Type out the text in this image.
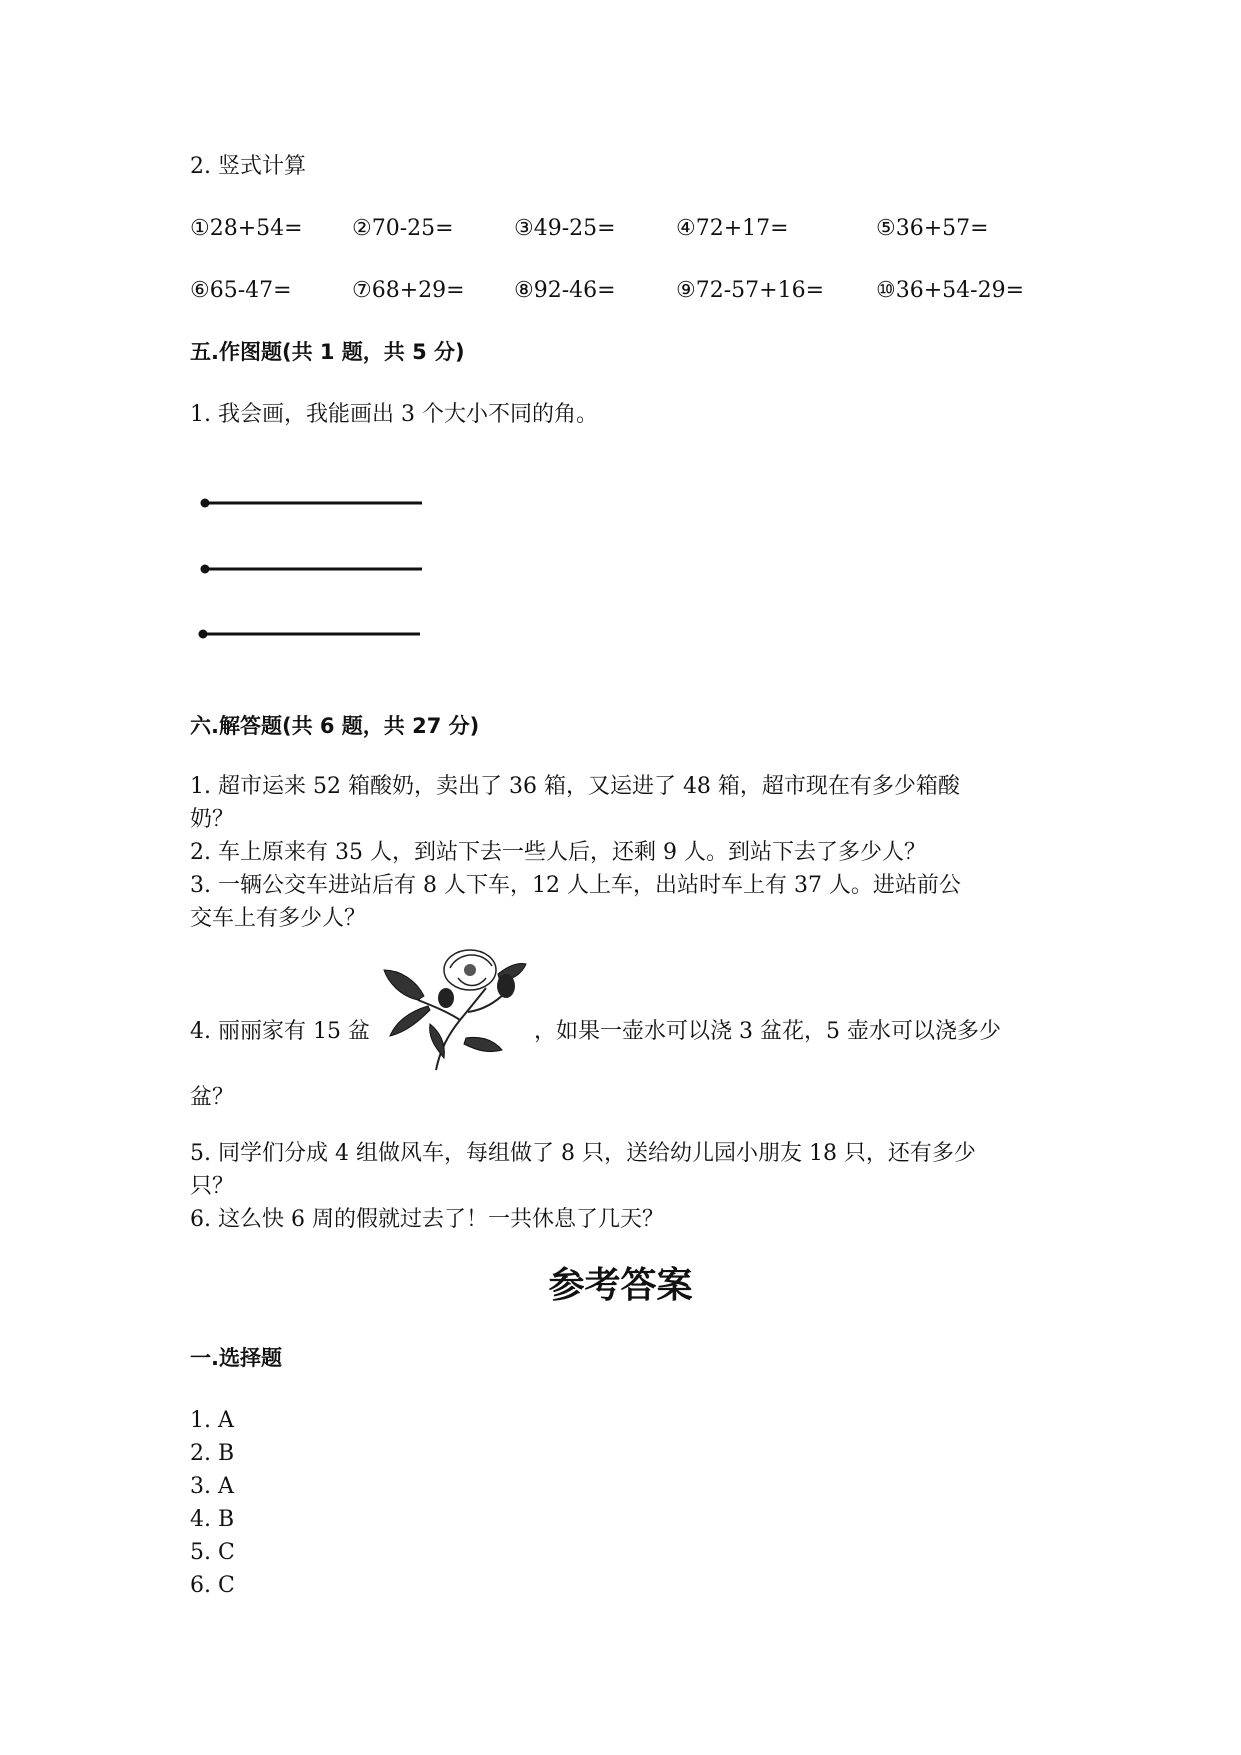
2. 竖式计算
①28+54= ②70-25=	③49-25=	④72+17=	⑤36+57=
⑥65-47=	⑦68+29= ⑧92-46=	⑨72-57+16= ⑩36+54-29=
五.作图题(共 1 题，共 5 分)
1. 我会画，我能画出 3 个大小不同的角。
六.解答题(共 6 题，共 27 分)
1. 超市运来 52 箱酸奶，卖出了 36 箱，又运进了 48 箱，超市现在有多少箱酸
奶？
2. 车上原来有 35 人，到站下去一些人后，还剩 9 人。到站下去了多少人？
3. 一辆公交车进站后有 8 人下车，12 人上车，出站时车上有 37 人。进站前公
交车上有多少人？
4. 丽丽家有 15 盆	，如果一壶水可以浇 3 盆花，5 壶水可以浇多少
盆？
5. 同学们分成 4 组做风车，每组做了 8 只，送给幼儿园小朋友 18 只，还有多少
只？
6. 这么快 6 周的假就过去了！一共休息了几天？
参考答案
一.选择题
1. A
2. B
3. A
4. B
5. C
6. C
